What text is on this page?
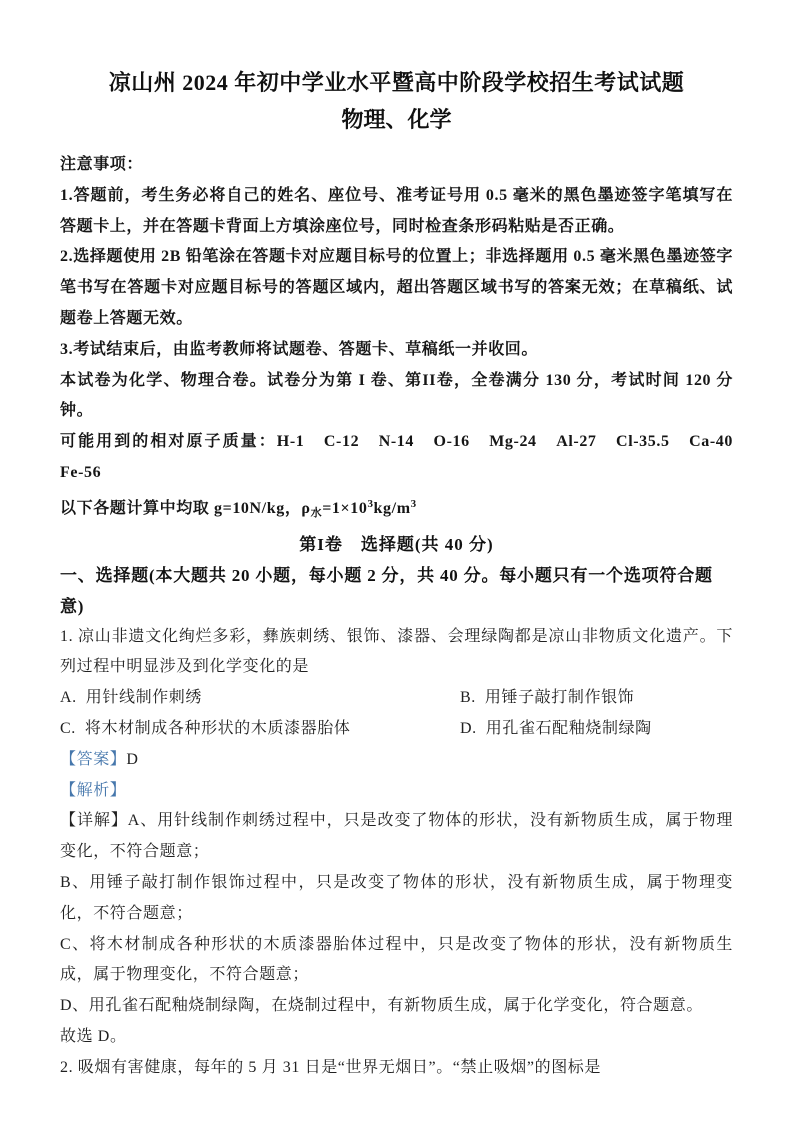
凉山州 2024 年初中学业水平暨高中阶段学校招生考试试题
物理、化学

注意事项：

1.答题前，考生务必将自己的姓名、座位号、准考证号用 0.5 毫米的黑色墨迹签字笔填写在答题卡上，并在答题卡背面上方填涂座位号，同时检查条形码粘贴是否正确。

2.选择题使用 2B 铅笔涂在答题卡对应题目标号的位置上；非选择题用 0.5 毫米黑色墨迹签字笔书写在答题卡对应题目标号的答题区域内，超出答题区域书写的答案无效；在草稿纸、试题卷上答题无效。

3.考试结束后，由监考教师将试题卷、答题卡、草稿纸一并收回。

本试卷为化学、物理合卷。试卷分为第 I 卷、第II卷，全卷满分 130 分，考试时间 120 分钟。

可能用到的相对原子质量：H-1　C-12　N-14　O-16　Mg-24　Al-27　Cl-35.5　Ca-40　Fe-56

以下各题计算中均取 g=10N/kg，$\rho_水=1\times 10^3kg/m^3$

第I卷　选择题(共 40 分)

一、选择题(本大题共 20 小题，每小题 2 分，共 40 分。每小题只有一个选项符合题意)

1. 凉山非遗文化绚烂多彩，彝族刺绣、银饰、漆器、会理绿陶都是凉山非物质文化遗产。下列过程中明显涉及到化学变化的是

A. 用针线制作刺绣	B. 用锤子敲打制作银饰
C. 将木材制成各种形状的木质漆器胎体	D. 用孔雀石配釉烧制绿陶

【答案】D

【解析】

【详解】A、用针线制作刺绣过程中，只是改变了物体的形状，没有新物质生成，属于物理变化，不符合题意；

B、用锤子敲打制作银饰过程中，只是改变了物体的形状，没有新物质生成，属于物理变化，不符合题意；

C、将木材制成各种形状的木质漆器胎体过程中，只是改变了物体的形状，没有新物质生成，属于物理变化，不符合题意；

D、用孔雀石配釉烧制绿陶，在烧制过程中，有新物质生成，属于化学变化，符合题意。

故选 D。

2. 吸烟有害健康，每年的 5 月 31 日是“世界无烟日”。“禁止吸烟”的图标是
